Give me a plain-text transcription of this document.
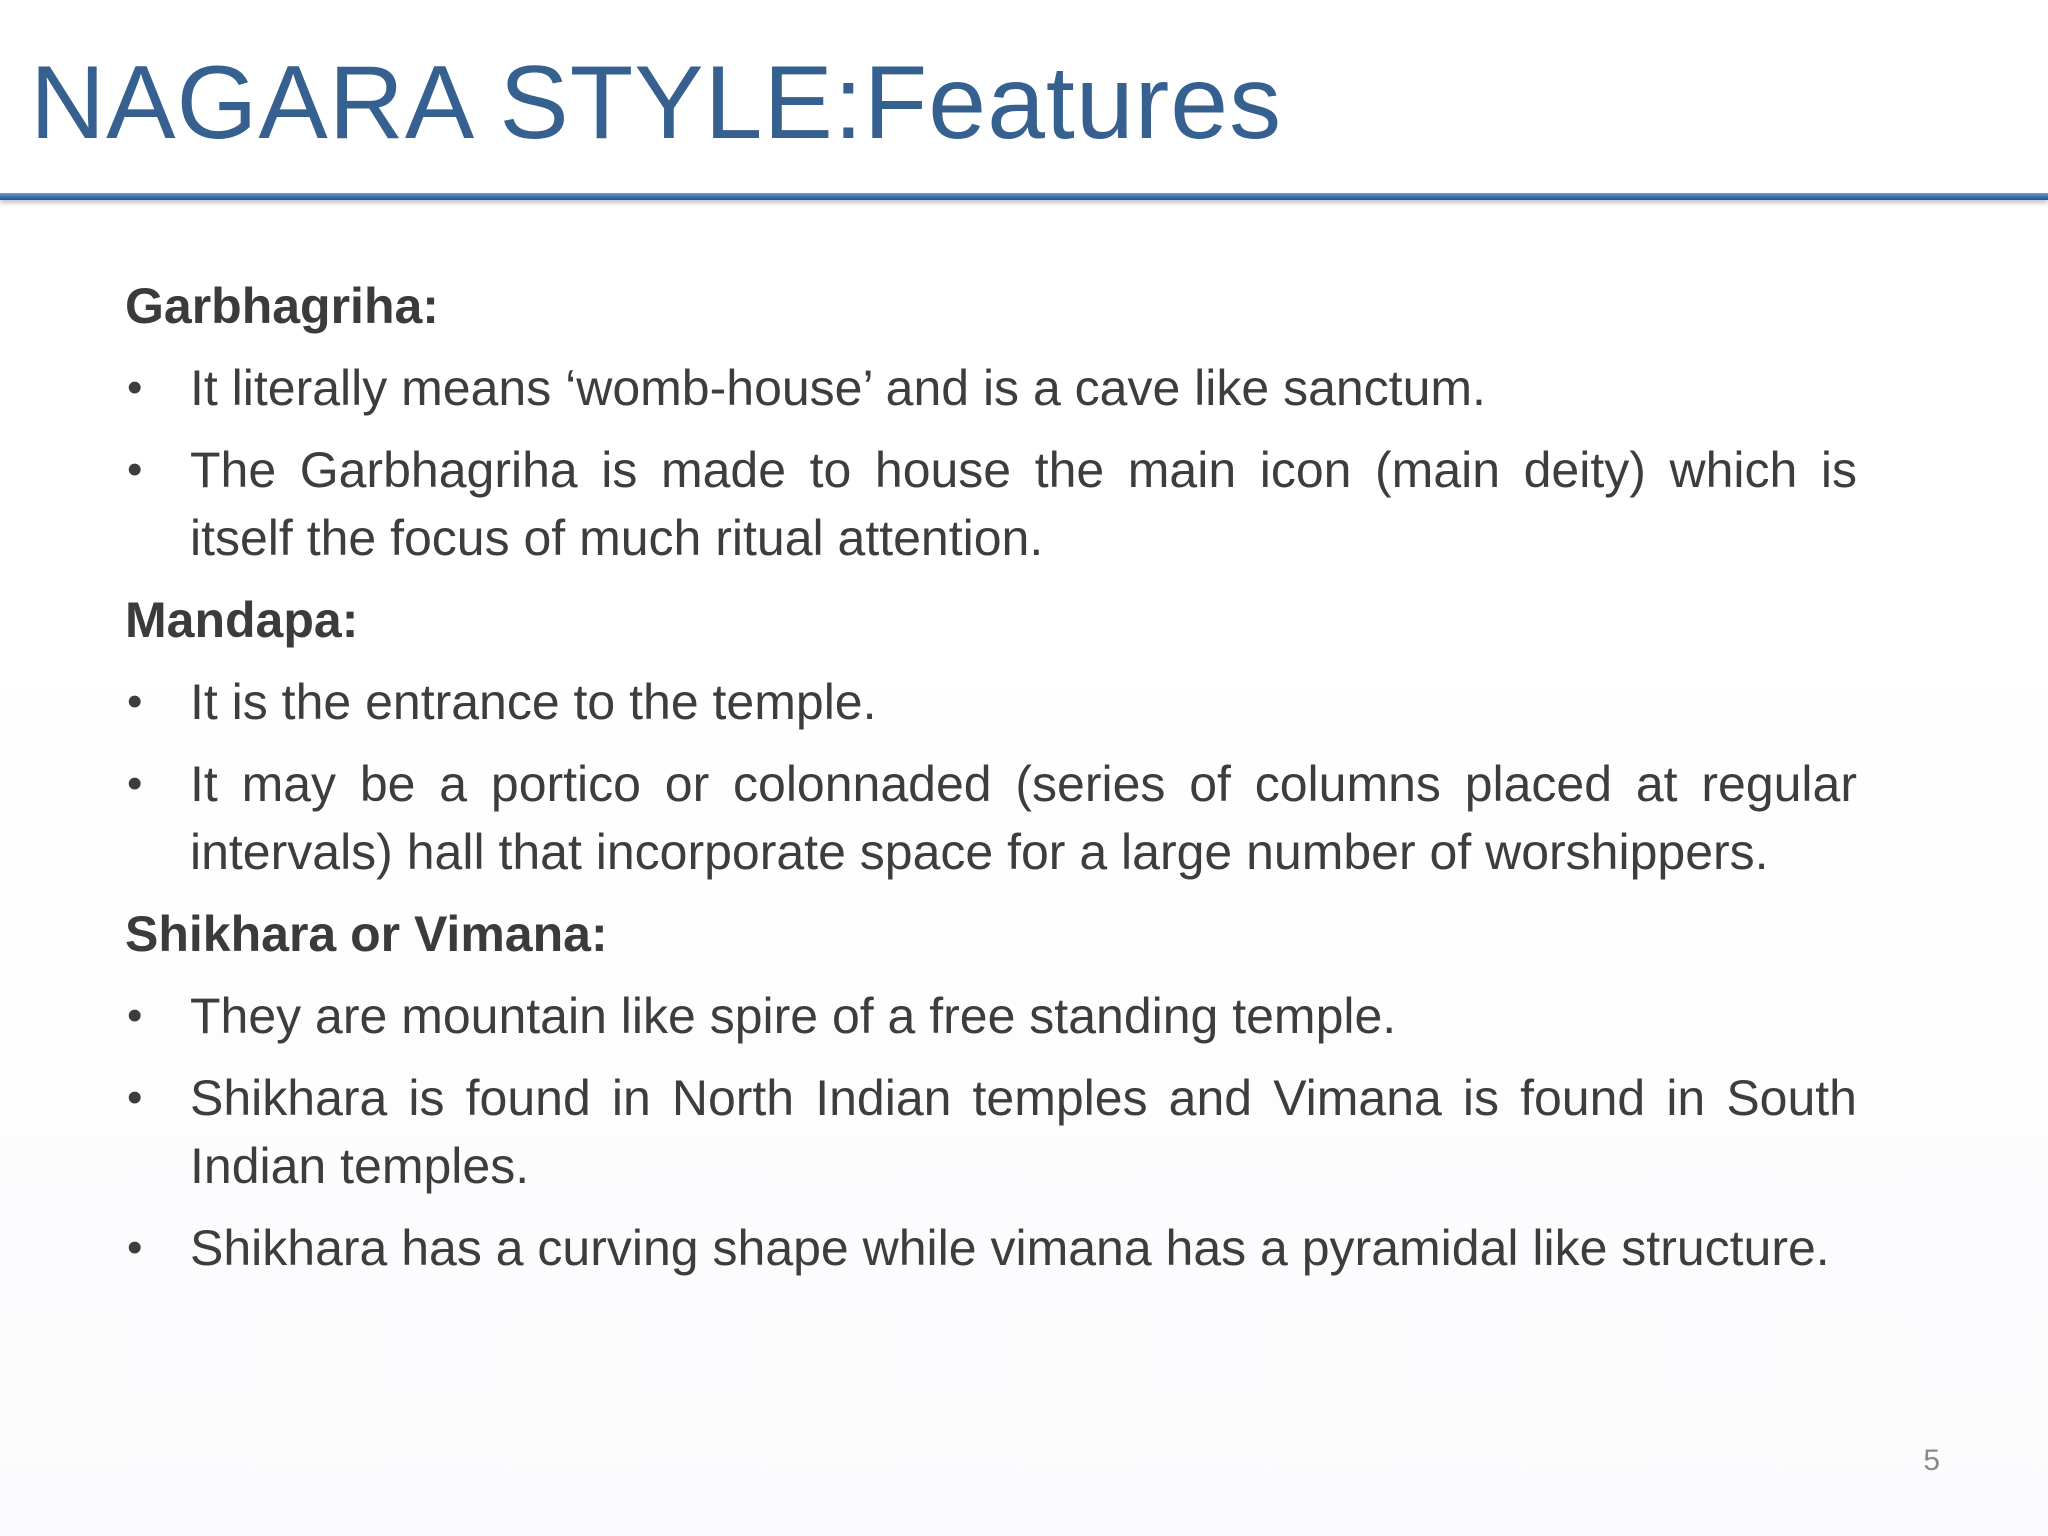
NAGARA STYLE:Features
Garbhagriha:
• It literally means ‘womb-house’ and is a cave like sanctum.
• The Garbhagriha is made to house the main icon (main deity) which is itself the focus of much ritual attention.
Mandapa:
• It is the entrance to the temple.
• It may be a portico or colonnaded (series of columns placed at regular intervals) hall that incorporate space for a large number of worshippers.
Shikhara or Vimana:
• They are mountain like spire of a free standing temple.
• Shikhara is found in North Indian temples and Vimana is found in South Indian temples.
• Shikhara has a curving shape while vimana has a pyramidal like structure.
5
